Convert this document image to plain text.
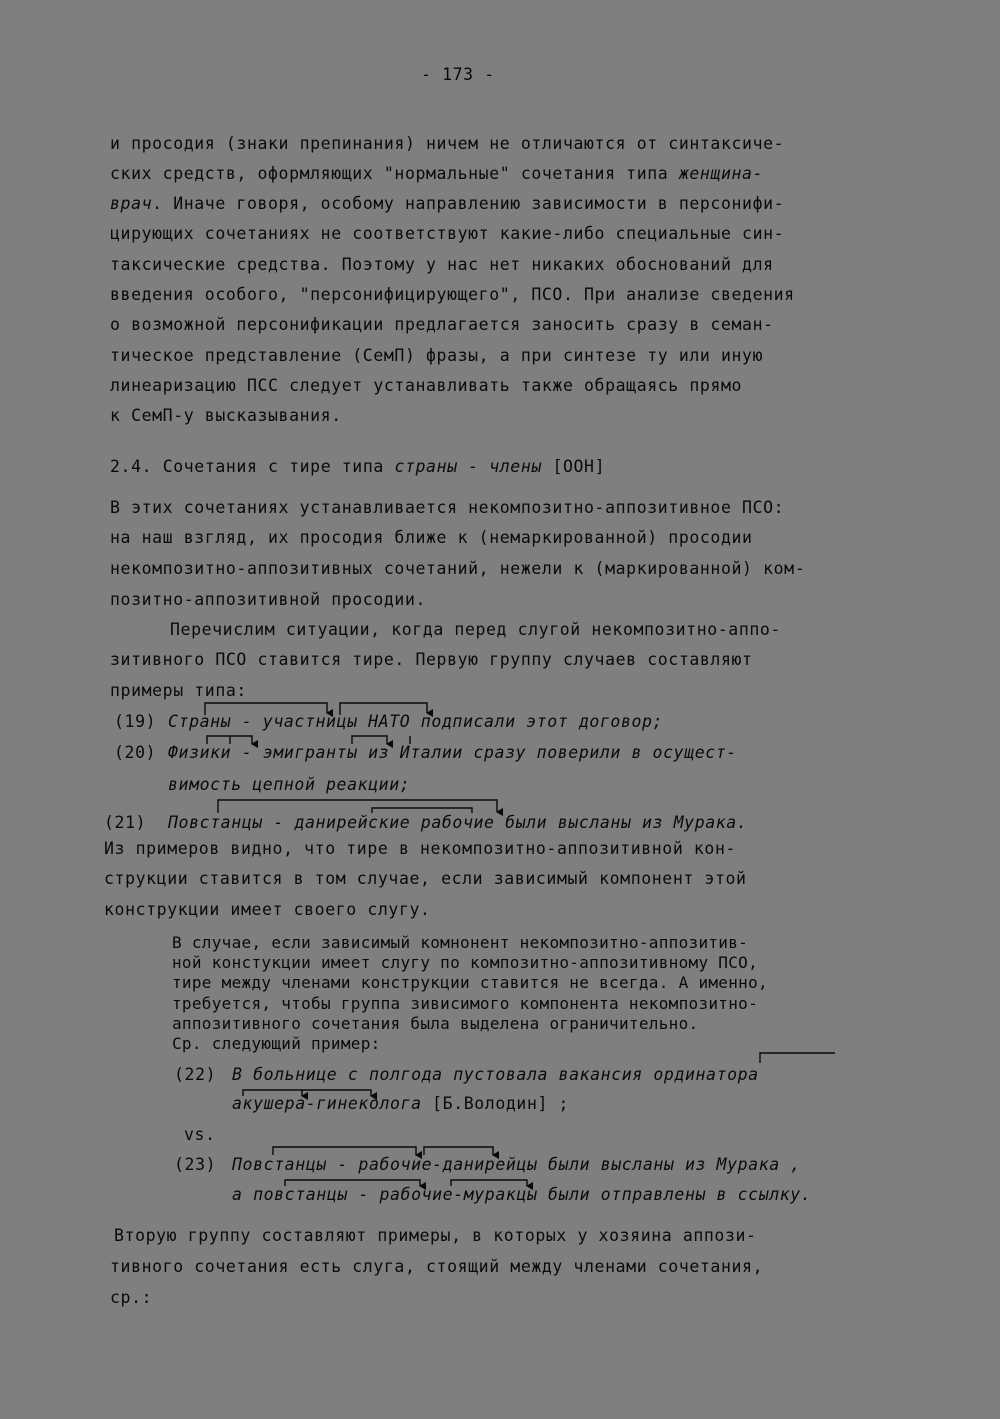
- 173 -
и просодия (знаки препинания) ничем не отличаются от синтаксиче-
ских средств, оформляющих "нормальные" сочетания типа женщина-
врач. Иначе говоря, особому направлению зависимости в персонифи-
цирующих сочетаниях не соответствуют какие-либо специальные син-
таксические средства. Поэтому у нас нет никаких обоснований для
введения особого, "персонифицирующего", ПСО. При анализе сведения
о возможной персонификации предлагается заносить сразу в семан-
тическое представление (СемП) фразы, а при синтезе ту или иную
линеаризацию ПСС следует устанавливать также обращаясь прямо
к СемП-у высказывания.
2.4. Сочетания с тире типа страны - члены [ООН]
В этих сочетаниях устанавливается некомпозитно-аппозитивное ПСО:
на наш взгляд, их просодия ближе к (немаркированной) просодии
некомпозитно-аппозитивных сочетаний, нежели к (маркированной) ком-
позитно-аппозитивной просодии.
Перечислим ситуации, когда перед слугой некомпозитно-аппо-
зитивного ПСО ставится тире. Первую группу случаев составляют
примеры типа:
(19) Страны - участницы НАТО подписали этот договор;
(20) Физики - эмигранты из Италии сразу поверили в осущест-
вимость цепной реакции;
(21) Повстанцы - данирейские рабочие были высланы из Мурака.
Из примеров видно, что тире в некомпозитно-аппозитивной кон-
струкции ставится в том случае, если зависимый компонент этой
конструкции имеет своего слугу.
В случае, если зависимый комнонент некомпозитно-аппозитив-
ной констукции имеет слугу по композитно-аппозитивному ПСО,
тире между членами конструкции ставится не всегда. А именно,
требуется, чтобы группа зивисимого компонента некомпозитно-
аппозитивного сочетания была выделена ограничительно.
Ср. следующий пример:
(22) В больнице с полгода пустовала вакансия ординатора
акушера-гинеколога [Б.Володин] ;
vs.
(23) Повстанцы - рабочие-данирейцы были высланы из Мурака ,
а повстанцы - рабочие-муракцы были отправлены в ссылку.
Вторую группу составляют примеры, в которых у хозяина аппози-
тивного сочетания есть слуга, стоящий между членами сочетания,
ср.:
